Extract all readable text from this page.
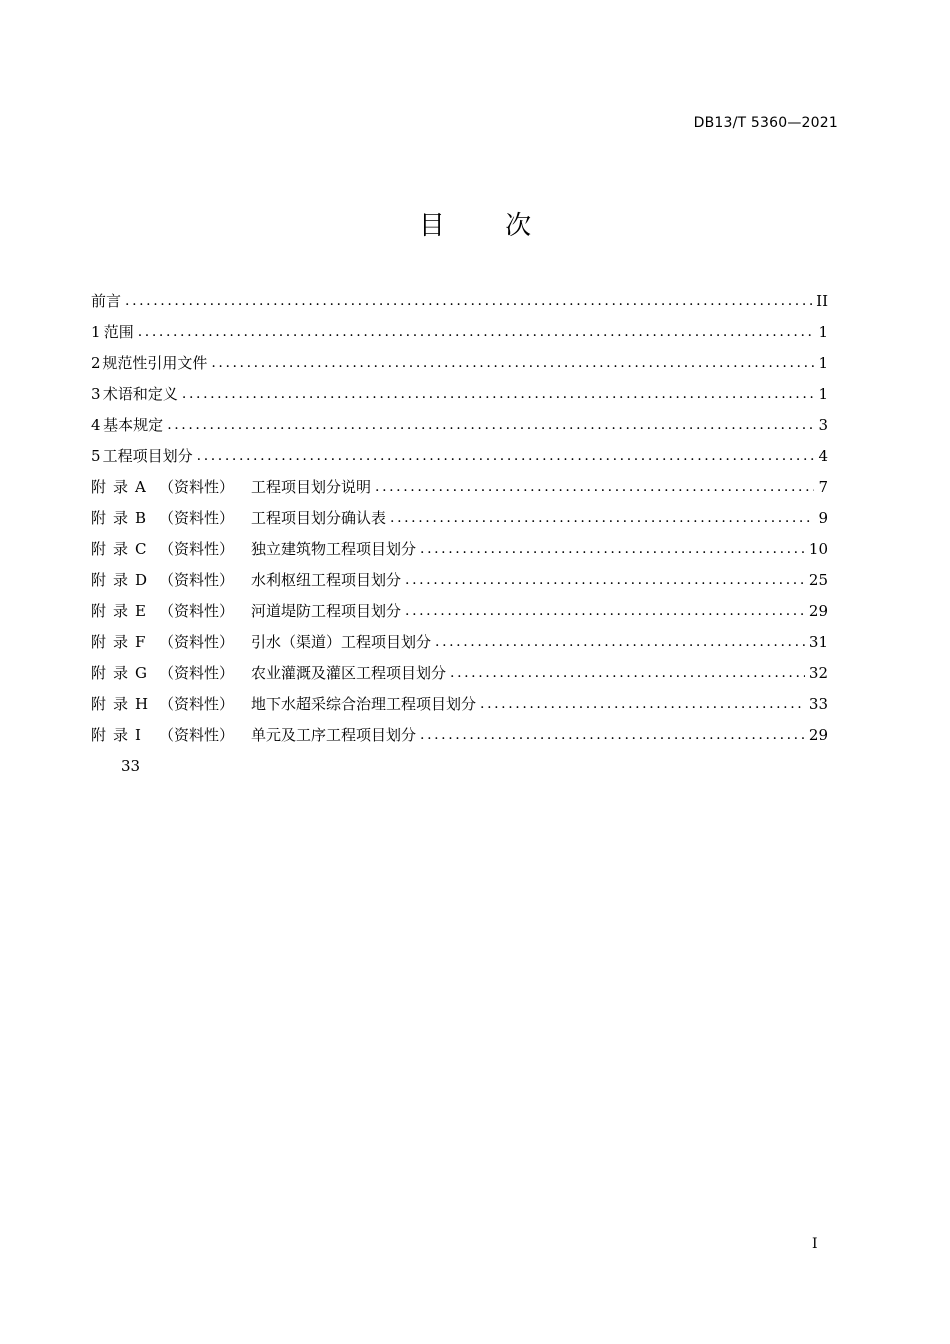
DB13/T 5360—2021
目 次
前言 .....	II
1 范围 .....	1
2 规范性引用文件 .....	1
3 术语和定义 .....	1
4 基本规定 .....	3
5 工程项目划分 .....	4
附 录 A （资料性）	工程项目划分说明 .....	7
附 录 B （资料性）	工程项目划分确认表 .....	9
附 录 C （资料性）	独立建筑物工程项目划分 .....	10
附 录 D （资料性）	水利枢纽工程项目划分 .....	25
附 录 E （资料性）	河道堤防工程项目划分 .....	29
附 录 F （资料性）	引水（渠道）工程项目划分 .....	31
附 录 G （资料性）	农业灌溉及灌区工程项目划分 .....	32
附 录 H （资料性）	地下水超采综合治理工程项目划分 .....	33
附 录 I （资料性）	单元及工序工程项目划分 .....	29
33
I
